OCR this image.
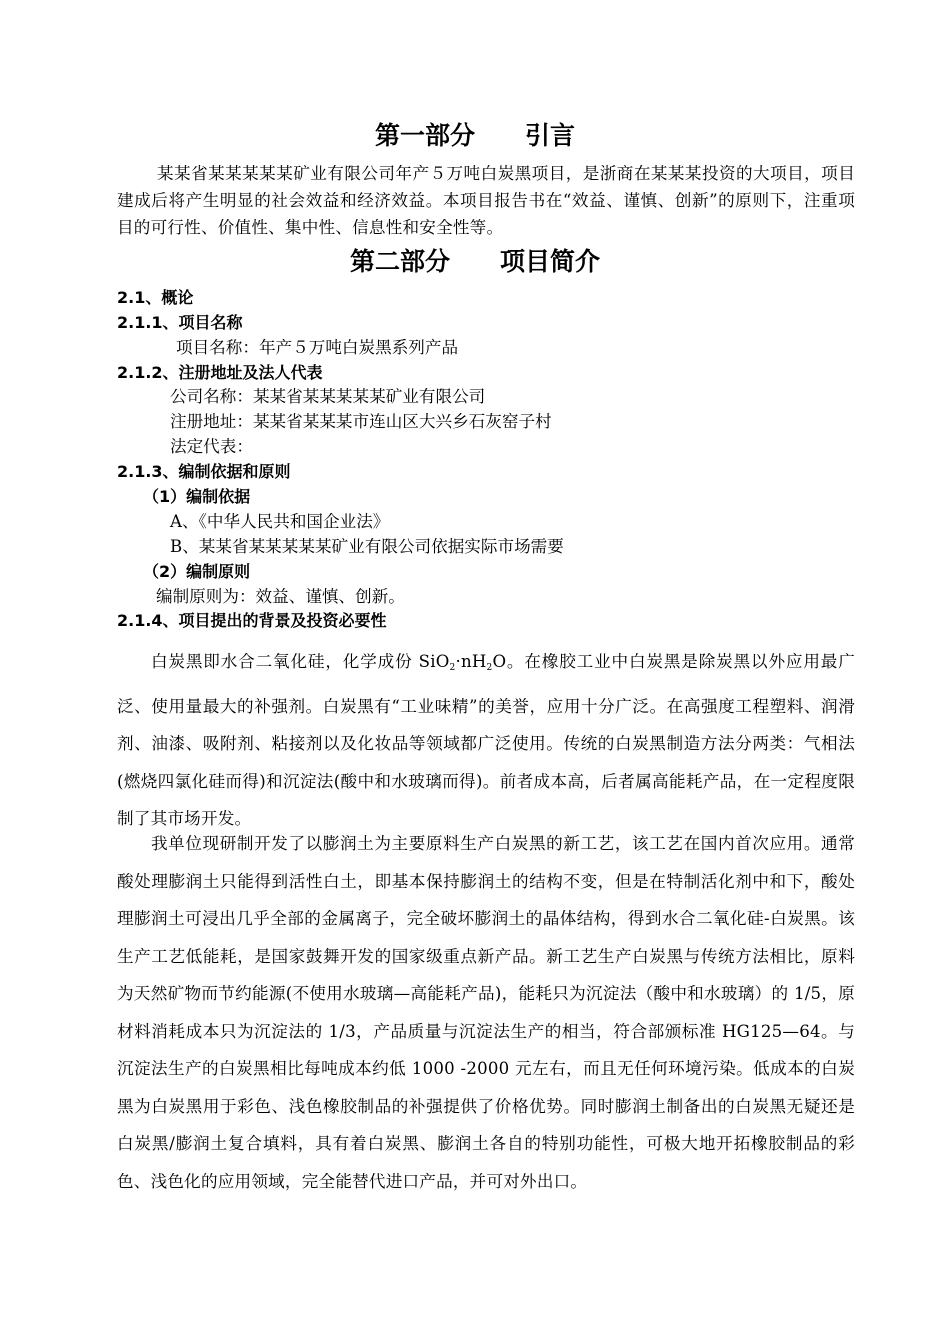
第一部分　　引言

某某省某某某某某矿业有限公司年产５万吨白炭黑项目，是浙商在某某某投资的大项目，项目建成后将产生明显的社会效益和经济效益。本项目报告书在“效益、谨慎、创新”的原则下，注重项目的可行性、价值性、集中性、信息性和安全性等。

第二部分　　项目简介
2.1、概论
2.1.1、项目名称
项目名称：年产５万吨白炭黑系列产品
2.1.2、注册地址及法人代表
公司名称：某某省某某某某某矿业有限公司
注册地址：某某省某某某市连山区大兴乡石灰窑子村
法定代表：
2.1.3、编制依据和原则
（1）编制依据
A、《中华人民共和国企业法》
B、某某省某某某某某矿业有限公司依据实际市场需要
（2）编制原则
编制原则为：效益、谨慎、创新。
2.1.4、项目提出的背景及投资必要性

白炭黑即水合二氧化硅，化学成份 $SiO_2\cdot nH_2O$。在橡胶工业中白炭黑是除炭黑以外应用最广泛、使用量最大的补强剂。白炭黑有“工业味精”的美誉，应用十分广泛。在高强度工程塑料、润滑剂、油漆、吸附剂、粘接剂以及化妆品等领域都广泛使用。传统的白炭黑制造方法分两类：气相法(燃烧四氯化硅而得)和沉淀法(酸中和水玻璃而得)。前者成本高，后者属高能耗产品，在一定程度限制了其市场开发。

我单位现研制开发了以膨润土为主要原料生产白炭黑的新工艺，该工艺在国内首次应用。通常酸处理膨润土只能得到活性白土，即基本保持膨润土的结构不变，但是在特制活化剂中和下，酸处理膨润土可浸出几乎全部的金属离子，完全破坏膨润土的晶体结构，得到水合二氧化硅-白炭黑。该生产工艺低能耗，是国家鼓舞开发的国家级重点新产品。新工艺生产白炭黑与传统方法相比，原料为天然矿物而节约能源(不使用水玻璃—高能耗产品)，能耗只为沉淀法（酸中和水玻璃）的 1/5，原材料消耗成本只为沉淀法的 1/3，产品质量与沉淀法生产的相当，符合部颁标准 HG125—64。与沉淀法生产的白炭黑相比每吨成本约低 1000 -2000 元左右，而且无任何环境污染。低成本的白炭黑为白炭黑用于彩色、浅色橡胶制品的补强提供了价格优势。同时膨润土制备出的白炭黑无疑还是白炭黑/膨润土复合填料，具有着白炭黑、膨润土各自的特别功能性，可极大地开拓橡胶制品的彩色、浅色化的应用领域，完全能替代进口产品，并可对外出口。
